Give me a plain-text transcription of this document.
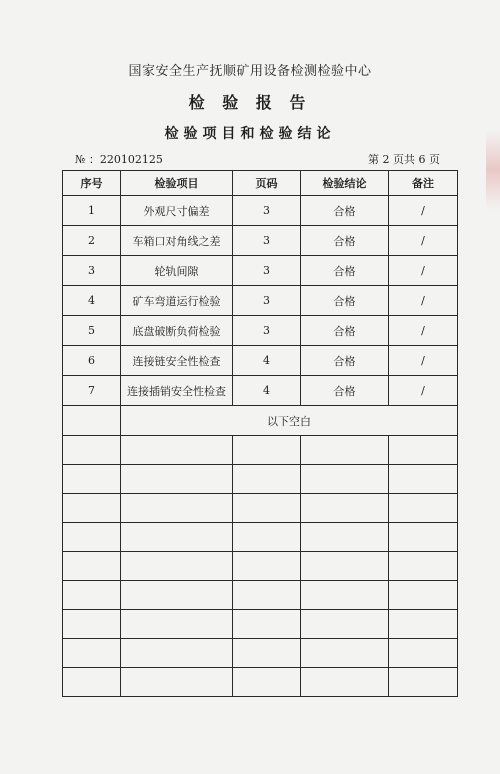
国家安全生产抚顺矿用设备检测检验中心
检 验 报 告
检验项目和检验结论
№ ：220102125	第 2 页共 6 页
序号	检验项目	页码	检验结论	备注
1	外观尺寸偏差	3	合格	/
2	车箱口对角线之差	3	合格	/
3	轮轨间隙	3	合格	/
4	矿车弯道运行检验	3	合格	/
5	底盘破断负荷检验	3	合格	/
6	连接链安全性检查	4	合格	/
7	连接插销安全性检查	4	合格	/
	以下空白			
